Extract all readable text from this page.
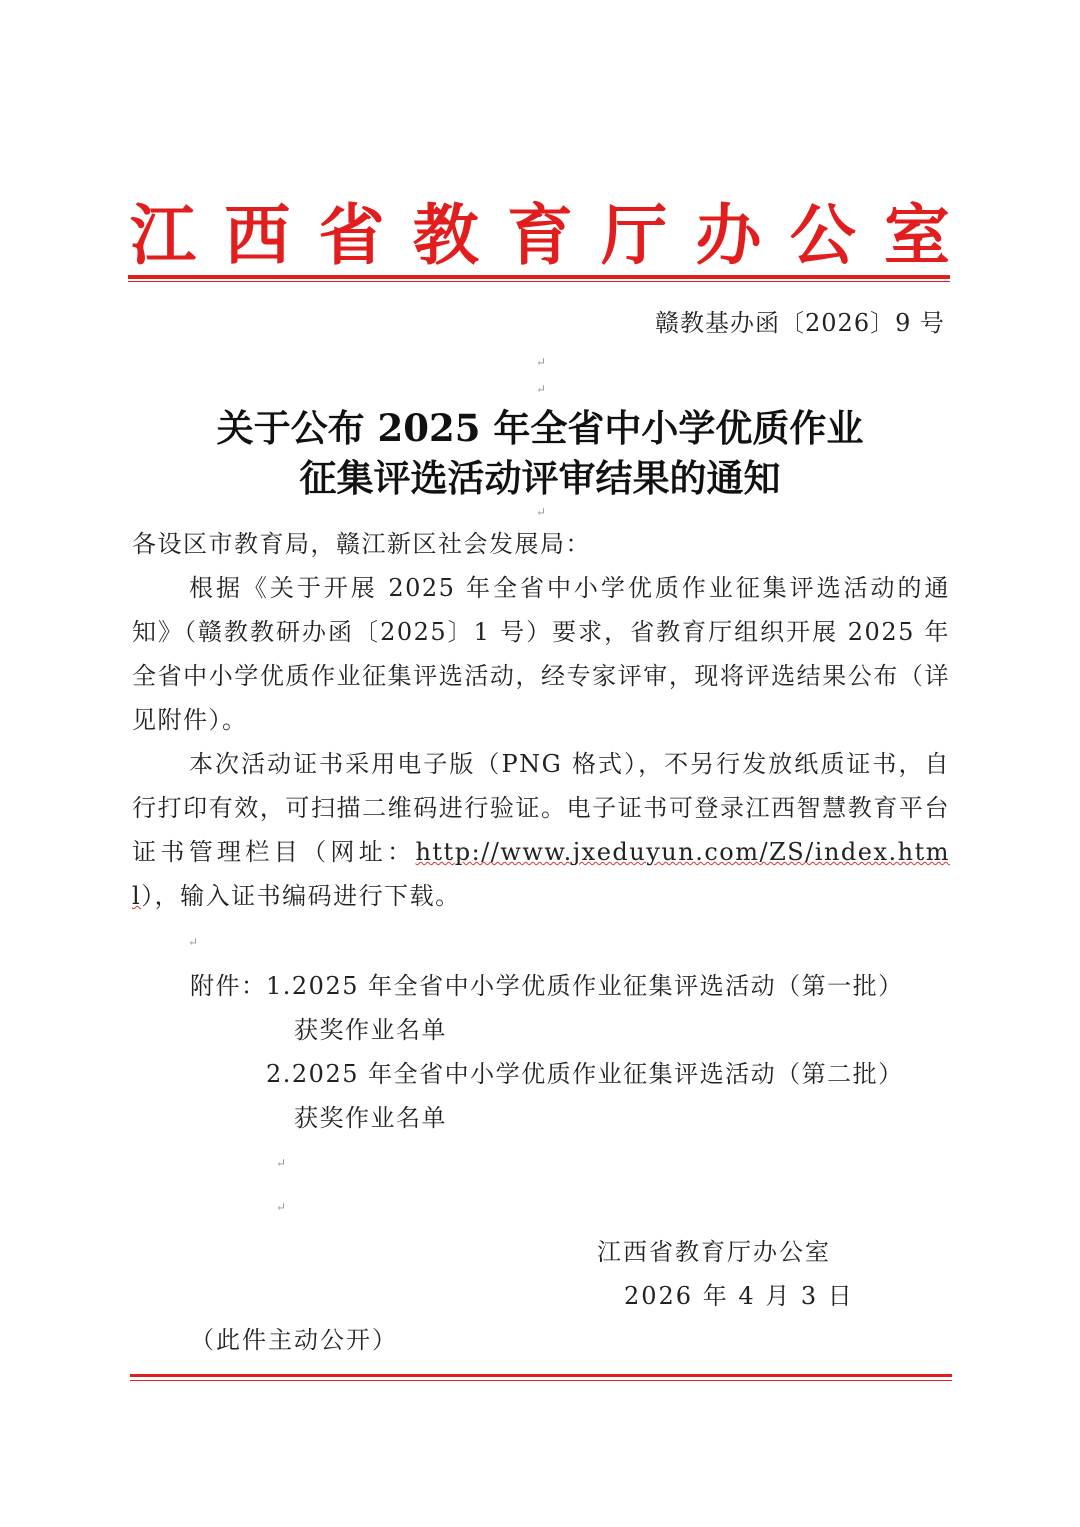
江 西 省 教 育 厅 办 公 室
赣教基办函〔2026〕9 号
↵
↵
关于公布 2025 年全省中小学优质作业
征集评选活动评审结果的通知
↵
各设区市教育局，赣江新区社会发展局：
根据《关于开展 2025 年全省中小学优质作业征集评选活动的通知》（赣教教研办函〔2025〕1 号）要求，省教育厅组织开展 2025 年全省中小学优质作业征集评选活动，经专家评审，现将评选结果公布（详见附件）。
本次活动证书采用电子版（PNG 格式），不另行发放纸质证书，自行打印有效，可扫描二维码进行验证。电子证书可登录江西智慧教育平台证书管理栏目（网址：http://www.jxeduyun.com/ZS/index.html），输入证书编码进行下载。
↵
附件： 1.2025 年全省中小学优质作业征集评选活动（第一批）
获奖作业名单
2.2025 年全省中小学优质作业征集评选活动（第二批）
获奖作业名单
↵
↵
江西省教育厅办公室
2026 年 4 月 3 日
（此件主动公开）
